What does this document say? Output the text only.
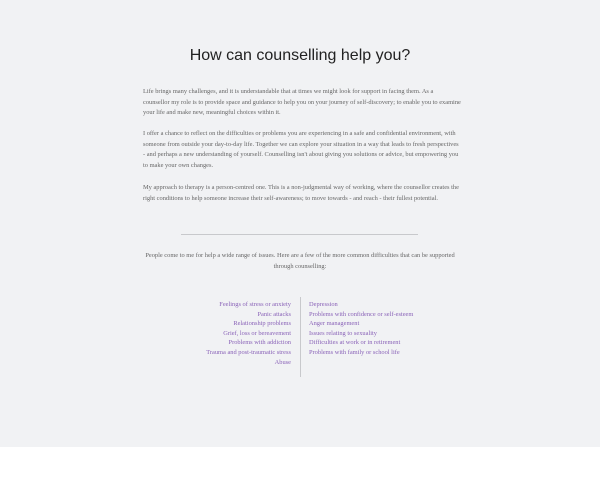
How can counselling help you?

Life brings many challenges, and it is understandable that at times we might look for support in facing them. As a counsellor my role is to provide space and guidance to help you on your journey of self-discovery; to enable you to examine your life and make new, meaningful choices within it.

I offer a chance to reflect on the difficulties or problems you are experiencing in a safe and confidential environment, with someone from outside your day-to-day life. Together we can explore your situation in a way that leads to fresh perspectives - and perhaps a new understanding of yourself. Counselling isn't about giving you solutions or advice, but empowering you to make your own changes.

My approach to therapy is a person-centred one. This is a non-judgmental way of working, where the counsellor creates the right conditions to help someone increase their self-awareness; to move towards - and reach - their fullest potential.

People come to me for help a wide range of issues. Here are a few of the more common difficulties that can be supported through counselling:

Feelings of stress or anxiety
Panic attacks
Relationship problems
Grief, loss or bereavement
Problems with addiction
Trauma and post-traumatic stress
Abuse
Depression
Problems with confidence or self-esteem
Anger management
Issues relating to sexuality
Difficulties at work or in retirement
Problems with family or school life
